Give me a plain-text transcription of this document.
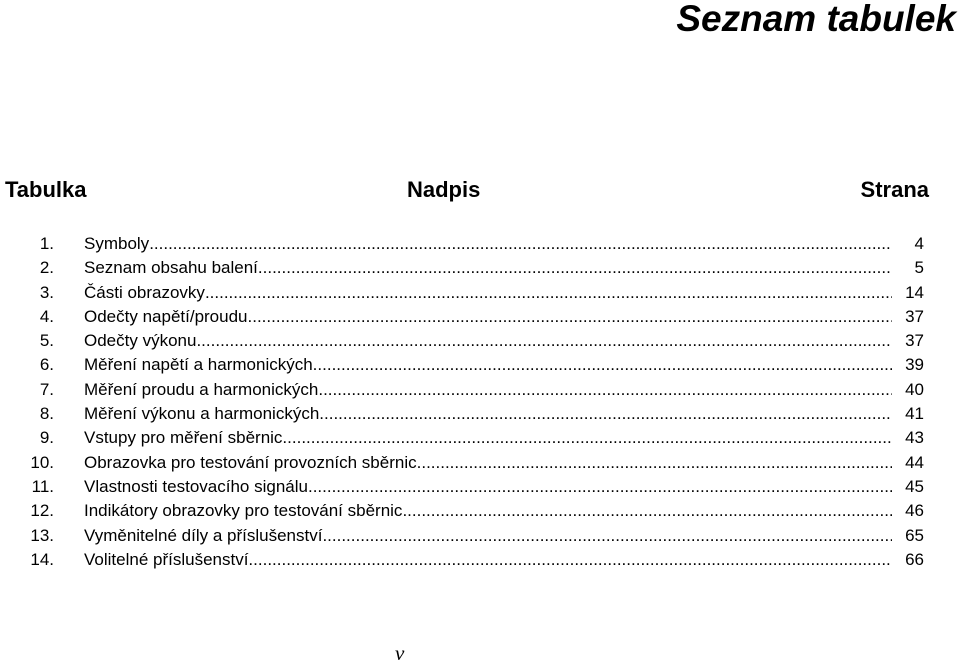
Seznam tabulek
Tabulka	Nadpis	Strana
1. Symboly .....	4
2. Seznam obsahu balení .....	5
3. Části obrazovky .....	14
4. Odečty napětí/proudu .....	37
5. Odečty výkonu .....	37
6. Měření napětí a harmonických .....	39
7. Měření proudu a harmonických .....	40
8. Měření výkonu a harmonických .....	41
9. Vstupy pro měření sběrnic .....	43
10. Obrazovka pro testování provozních sběrnic .....	44
11. Vlastnosti testovacího signálu .....	45
12. Indikátory obrazovky pro testování sběrnic .....	46
13. Vyměnitelné díly a příslušenství .....	65
14. Volitelné příslušenství .....	66
v
